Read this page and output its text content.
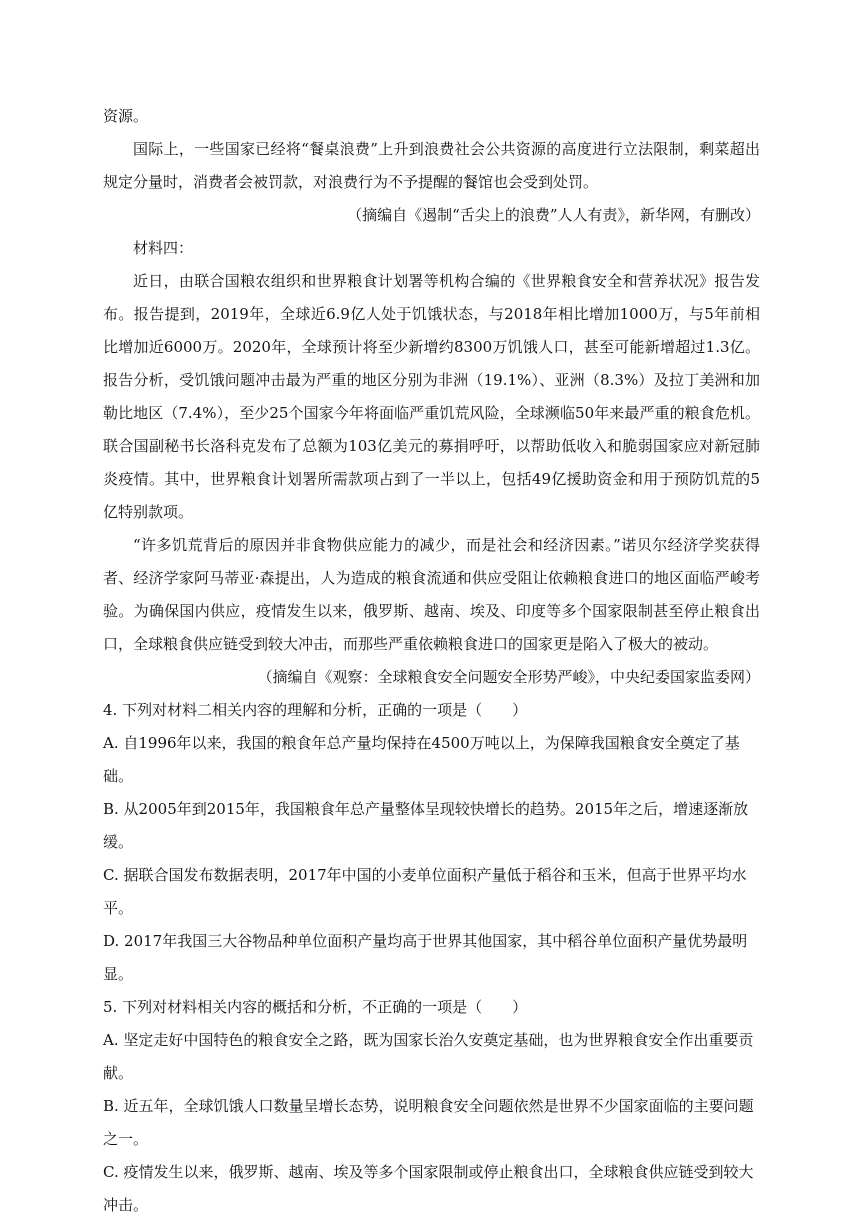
资源。

国际上，一些国家已经将“餐桌浪费”上升到浪费社会公共资源的高度进行立法限制，剩菜超出规定分量时，消费者会被罚款，对浪费行为不予提醒的餐馆也会受到处罚。

（摘编自《遏制“舌尖上的浪费”人人有责》，新华网，有删改）

材料四：

近日，由联合国粮农组织和世界粮食计划署等机构合编的《世界粮食安全和营养状况》报告发布。报告提到，2019年，全球近6.9亿人处于饥饿状态，与2018年相比增加1000万，与5年前相比增加近6000万。2020年，全球预计将至少新增约8300万饥饿人口，甚至可能新增超过1.3亿。报告分析，受饥饿问题冲击最为严重的地区分别为非洲（19.1%）、亚洲（8.3%）及拉丁美洲和加勒比地区（7.4%），至少25个国家今年将面临严重饥荒风险，全球濒临50年来最严重的粮食危机。联合国副秘书长洛科克发布了总额为103亿美元的募捐呼吁，以帮助低收入和脆弱国家应对新冠肺炎疫情。其中，世界粮食计划署所需款项占到了一半以上，包括49亿援助资金和用于预防饥荒的5亿特别款项。

“许多饥荒背后的原因并非食物供应能力的减少，而是社会和经济因素。”诺贝尔经济学奖获得者、经济学家阿马蒂亚·森提出，人为造成的粮食流通和供应受阻让依赖粮食进口的地区面临严峻考验。为确保国内供应，疫情发生以来，俄罗斯、越南、埃及、印度等多个国家限制甚至停止粮食出口，全球粮食供应链受到较大冲击，而那些严重依赖粮食进口的国家更是陷入了极大的被动。

（摘编自《观察：全球粮食安全问题安全形势严峻》，中央纪委国家监委网）

4. 下列对材料二相关内容的理解和分析，正确的一项是（　　）

A. 自1996年以来，我国的粮食年总产量均保持在4500万吨以上，为保障我国粮食安全奠定了基础。

B. 从2005年到2015年，我国粮食年总产量整体呈现较快增长的趋势。2015年之后，增速逐渐放缓。

C. 据联合国发布数据表明，2017年中国的小麦单位面积产量低于稻谷和玉米，但高于世界平均水平。

D. 2017年我国三大谷物品种单位面积产量均高于世界其他国家，其中稻谷单位面积产量优势最明显。

5. 下列对材料相关内容的概括和分析，不正确的一项是（　　）

A. 坚定走好中国特色的粮食安全之路，既为国家长治久安奠定基础，也为世界粮食安全作出重要贡献。

B. 近五年，全球饥饿人口数量呈增长态势，说明粮食安全问题依然是世界不少国家面临的主要问题之一。

C. 疫情发生以来，俄罗斯、越南、埃及等多个国家限制或停止粮食出口，全球粮食供应链受到较大冲击。
